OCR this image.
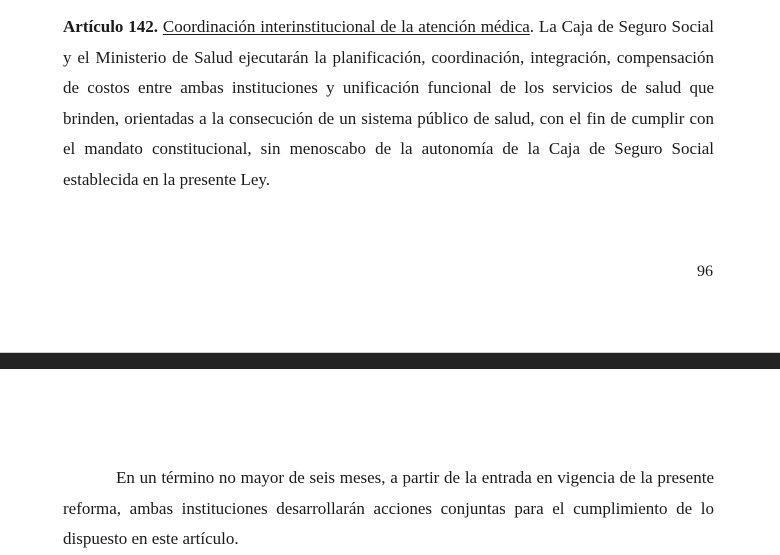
Artículo 142. Coordinación interinstitucional de la atención médica. La Caja de Seguro Social y el Ministerio de Salud ejecutarán la planificación, coordinación, integración, compensación de costos entre ambas instituciones y unificación funcional de los servicios de salud que brinden, orientadas a la consecución de un sistema público de salud, con el fin de cumplir con el mandato constitucional, sin menoscabo de la autonomía de la Caja de Seguro Social establecida en la presente Ley.

96

En un término no mayor de seis meses, a partir de la entrada en vigencia de la presente reforma, ambas instituciones desarrollarán acciones conjuntas para el cumplimiento de lo dispuesto en este artículo.
